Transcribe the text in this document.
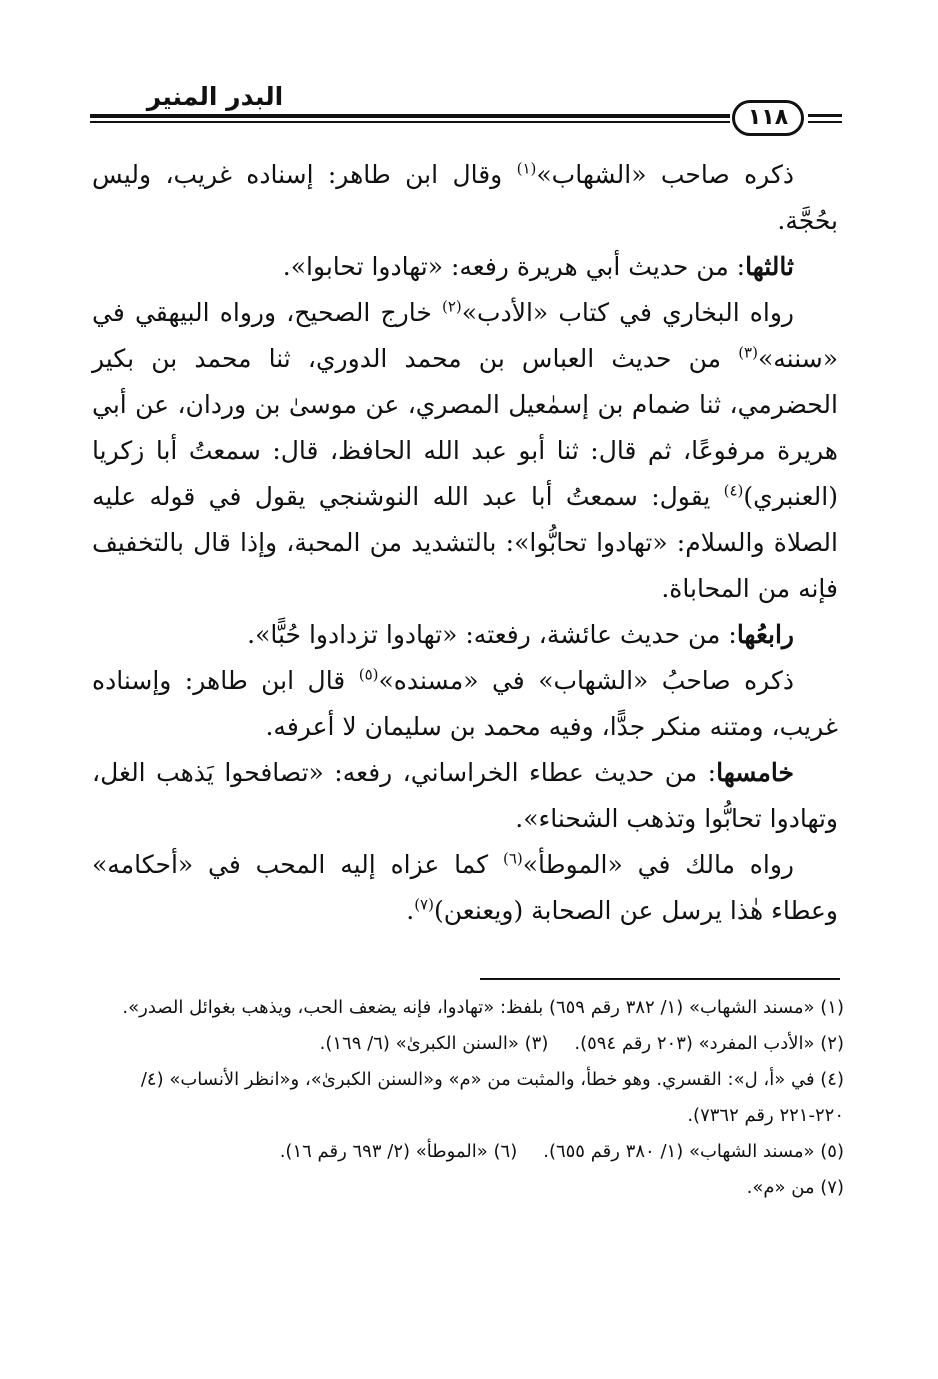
البدر المنير
١١٨

ذكره صاحب «الشهاب»$^{(١)}$ وقال ابن طاهر: إسناده غريب، وليس بحُجَّة.

ثالثها: من حديث أبي هريرة رفعه: «تهادوا تحابوا».

رواه البخاري في كتاب «الأدب»$^{(٢)}$ خارج الصحيح، ورواه البيهقي في «سننه»$^{(٣)}$ من حديث العباس بن محمد الدوري، ثنا محمد بن بكير الحضرمي، ثنا ضمام بن إسمٰعيل المصري، عن موسىٰ بن وردان، عن أبي هريرة مرفوعًا، ثم قال: ثنا أبو عبد الله الحافظ، قال: سمعتُ أبا زكريا (العنبري)$^{(٤)}$ يقول: سمعتُ أبا عبد الله النوشنجي يقول في قوله عليه الصلاة والسلام: «تهادوا تحابُّوا»: بالتشديد من المحبة، وإذا قال بالتخفيف فإنه من المحاباة.

رابعُها: من حديث عائشة، رفعته: «تهادوا تزدادوا حُبًّا».

ذكره صاحبُ «الشهاب» في «مسنده»$^{(٥)}$ قال ابن طاهر: وإسناده غريب، ومتنه منكر جدًّا، وفيه محمد بن سليمان لا أعرفه.

خامسها: من حديث عطاء الخراساني، رفعه: «تصافحوا يَذهب الغل، وتهادوا تحابُّوا وتذهب الشحناء».

رواه مالك في «الموطأ»$^{(٦)}$ كما عزاه إليه المحب في «أحكامه» وعطاء هٰذا يرسل عن الصحابة (ويعنعن)$^{(٧)}$.

(١) «مسند الشهاب» (١/ ٣٨٢ رقم ٦٥٩) بلفظ: «تهادوا، فإنه يضعف الحب، ويذهب بغوائل الصدر».

(٢) «الأدب المفرد» (٢٠٣ رقم ٥٩٤).(٣) «السنن الكبرىٰ» (٦/ ١٦٩).

(٤) في «أ، ل»: القسري. وهو خطأ، والمثبت من «م» و«السنن الكبرىٰ»، و«انظر الأنساب» (٤/ ٢٢٠-٢٢١ رقم ٧٣٦٢).

(٥) «مسند الشهاب» (١/ ٣٨٠ رقم ٦٥٥).(٦) «الموطأ» (٢/ ٦٩٣ رقم ١٦).

(٧) من «م».
